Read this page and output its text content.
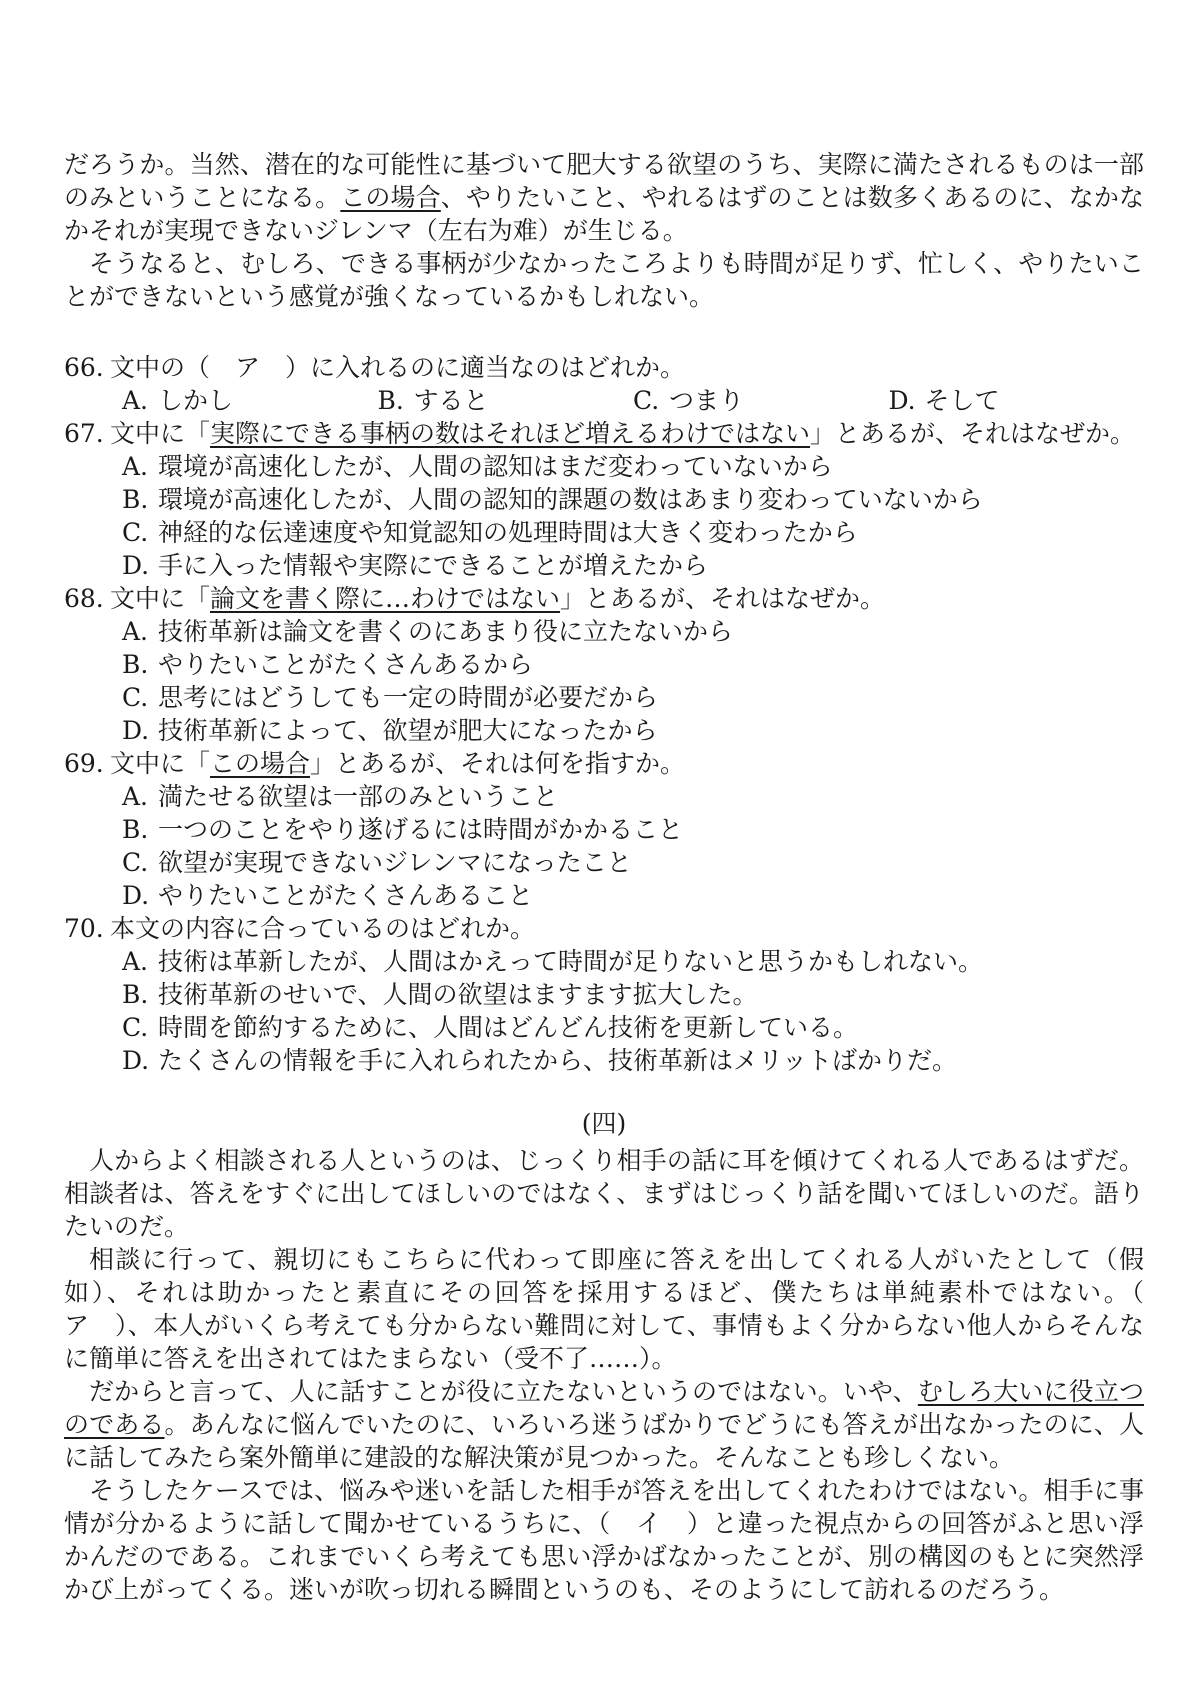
だろうか。当然、潜在的な可能性に基づいて肥大する欲望のうち、実際に満たされるものは一部のみということになる。この場合、やりたいこと、やれるはずのことは数多くあるのに、なかなかそれが実現できないジレンマ（左右为难）が生じる。

そうなると、むしろ、できる事柄が少なかったころよりも時間が足りず、忙しく、やりたいことができないという感覚が強くなっているかもしれない。

66. 文中の（　ア　）に入れるのに適当なのはどれか。

A. しかし	B. すると	C. つまり	D. そして

67. 文中に「実際にできる事柄の数はそれほど増えるわけではない」とあるが、それはなぜか。

A. 環境が高速化したが、人間の認知はまだ変わっていないから

B. 環境が高速化したが、人間の認知的課題の数はあまり変わっていないから

C. 神経的な伝達速度や知覚認知の処理時間は大きく変わったから

D. 手に入った情報や実際にできることが増えたから

68. 文中に「論文を書く際に…わけではない」とあるが、それはなぜか。

A. 技術革新は論文を書くのにあまり役に立たないから

B. やりたいことがたくさんあるから

C. 思考にはどうしても一定の時間が必要だから

D. 技術革新によって、欲望が肥大になったから

69. 文中に「この場合」とあるが、それは何を指すか。

A. 満たせる欲望は一部のみということ

B. 一つのことをやり遂げるには時間がかかること

C. 欲望が実現できないジレンマになったこと

D. やりたいことがたくさんあること

70. 本文の内容に合っているのはどれか。

A. 技術は革新したが、人間はかえって時間が足りないと思うかもしれない。

B. 技術革新のせいで、人間の欲望はますます拡大した。

C. 時間を節約するために、人間はどんどん技術を更新している。

D. たくさんの情報を手に入れられたから、技術革新はメリットばかりだ。

(四)

人からよく相談される人というのは、じっくり相手の話に耳を傾けてくれる人であるはずだ。相談者は、答えをすぐに出してほしいのではなく、まずはじっくり話を聞いてほしいのだ。語りたいのだ。

相談に行って、親切にもこちらに代わって即座に答えを出してくれる人がいたとして（假如）、それは助かったと素直にその回答を採用するほど、僕たちは単純素朴ではない。（　ア　）、本人がいくら考えても分からない難問に対して、事情もよく分からない他人からそんなに簡単に答えを出されてはたまらない（受不了……）。

だからと言って、人に話すことが役に立たないというのではない。いや、むしろ大いに役立つのである。あんなに悩んでいたのに、いろいろ迷うばかりでどうにも答えが出なかったのに、人に話してみたら案外簡単に建設的な解決策が見つかった。そんなことも珍しくない。

そうしたケースでは、悩みや迷いを話した相手が答えを出してくれたわけではない。相手に事情が分かるように話して聞かせているうちに、（　イ　）と違った視点からの回答がふと思い浮かんだのである。これまでいくら考えても思い浮かばなかったことが、別の構図のもとに突然浮かび上がってくる。迷いが吹っ切れる瞬間というのも、そのようにして訪れるのだろう。
